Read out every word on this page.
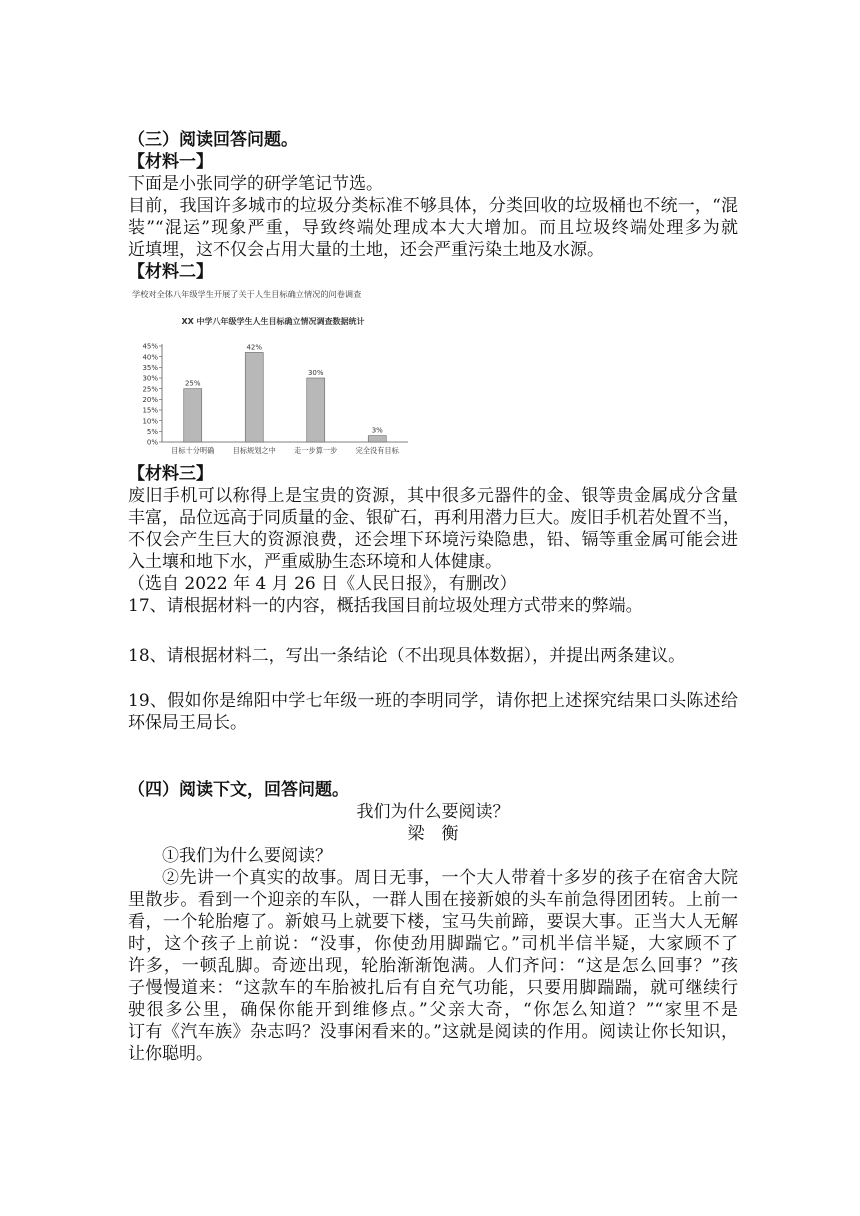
（三）阅读回答问题。
【材料一】
下面是小张同学的研学笔记节选。
目前，我国许多城市的垃圾分类标准不够具体，分类回收的垃圾桶也不统一，“混
装”“混运”现象严重，导致终端处理成本大大增加。而且垃圾终端处理多为就
近填埋，这不仅会占用大量的土地，还会严重污染土地及水源。
【材料二】
学校对全体八年级学生开展了关于人生目标确立情况的问卷调查
XX 中学八年级学生人生目标确立情况调查数据统计
0%
5%
10%
15%
20%
25%
30%
35%
40%
45%
25%
目标十分明确
42%
目标规划之中
30%
走一步算一步
3%
完全没有目标
【材料三】
废旧手机可以称得上是宝贵的资源，其中很多元器件的金、银等贵金属成分含量
丰富，品位远高于同质量的金、银矿石，再利用潜力巨大。废旧手机若处置不当，
不仅会产生巨大的资源浪费，还会埋下环境污染隐患，铅、镉等重金属可能会进
入土壤和地下水，严重威胁生态环境和人体健康。
（选自 2022 年 4 月 26 日《人民日报》，有删改）
17、请根据材料一的内容，概括我国目前垃圾处理方式带来的弊端。
18、请根据材料二，写出一条结论（不出现具体数据），并提出两条建议。
19、假如你是绵阳中学七年级一班的李明同学，请你把上述探究结果口头陈述给
环保局王局长。
（四）阅读下文，回答问题。
我们为什么要阅读？
梁　衡
①我们为什么要阅读？
②先讲一个真实的故事。周日无事，一个大人带着十多岁的孩子在宿舍大院
里散步。看到一个迎亲的车队，一群人围在接新娘的头车前急得团团转。上前一
看，一个轮胎瘪了。新娘马上就要下楼，宝马失前蹄，要误大事。正当大人无解
时，这个孩子上前说：“没事，你使劲用脚踹它。”司机半信半疑，大家顾不了
许多，一顿乱脚。奇迹出现，轮胎渐渐饱满。人们齐问：“这是怎么回事？”孩
子慢慢道来：“这款车的车胎被扎后有自充气功能，只要用脚踹踹，就可继续行
驶很多公里，确保你能开到维修点。”父亲大奇，“你怎么知道？”“家里不是
订有《汽车族》杂志吗？没事闲看来的。”这就是阅读的作用。阅读让你长知识，
让你聪明。
